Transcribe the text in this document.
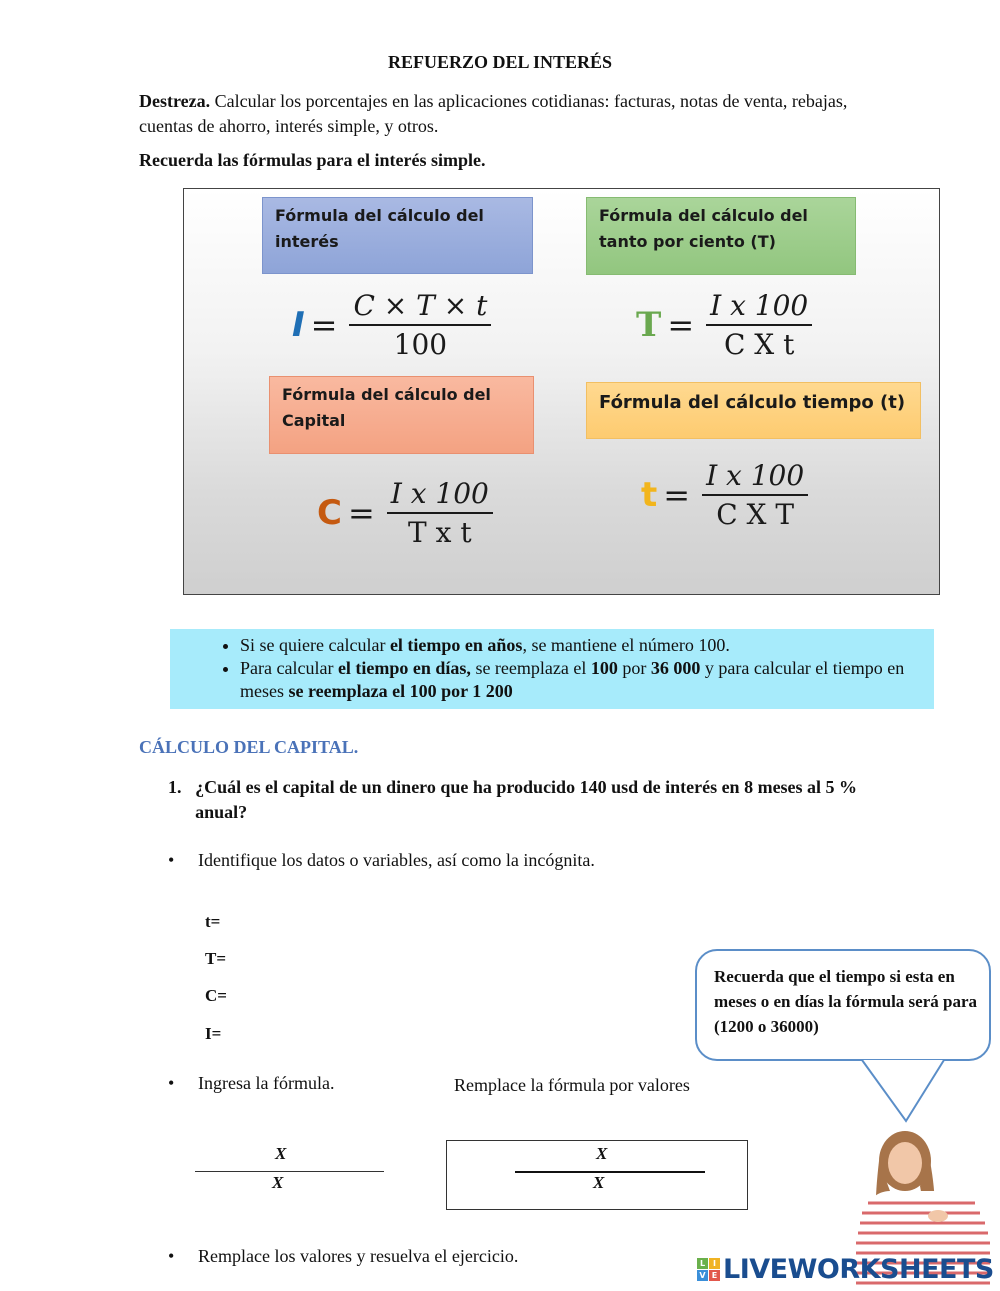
REFUERZO DEL INTERÉS
Destreza. Calcular los porcentajes en las aplicaciones cotidianas: facturas, notas de venta, rebajas, cuentas de ahorro, interés simple, y otros.
Recuerda las fórmulas para el interés simple.
Fórmula del cálculo del interés
Fórmula del cálculo del tanto por ciento (T)
$I = \frac{C \times T \times t}{100}$	$T = \frac{\text{I x 100}}{\text{C X t}}$
Fórmula del cálculo del Capital
Fórmula del cálculo tiempo (t)
$C = \frac{\text{I x 100}}{\text{T x t}}$	$t = \frac{\text{I x 100}}{\text{C X T}}$
• Si se quiere calcular el tiempo en años, se mantiene el número 100.
• Para calcular el tiempo en días, se reemplaza el 100 por 36 000 y para calcular el tiempo en meses se reemplaza el 100 por 1 200
CÁLCULO DEL CAPITAL.
1. ¿Cuál es el capital de un dinero que ha producido 140 usd de interés en 8 meses al 5 % anual?
•	Identifique los datos o variables, así como la incógnita.
t=
T=
C=
I=
Recuerda que el tiempo si esta en meses o en días la fórmula será para (1200 o 36000)
•	Ingresa la fórmula.	Remplace la fórmula por valores
X
X
X
X
•	Remplace los valores y resuelva el ejercicio.	L I
V E LIVEWORKSHEETS
